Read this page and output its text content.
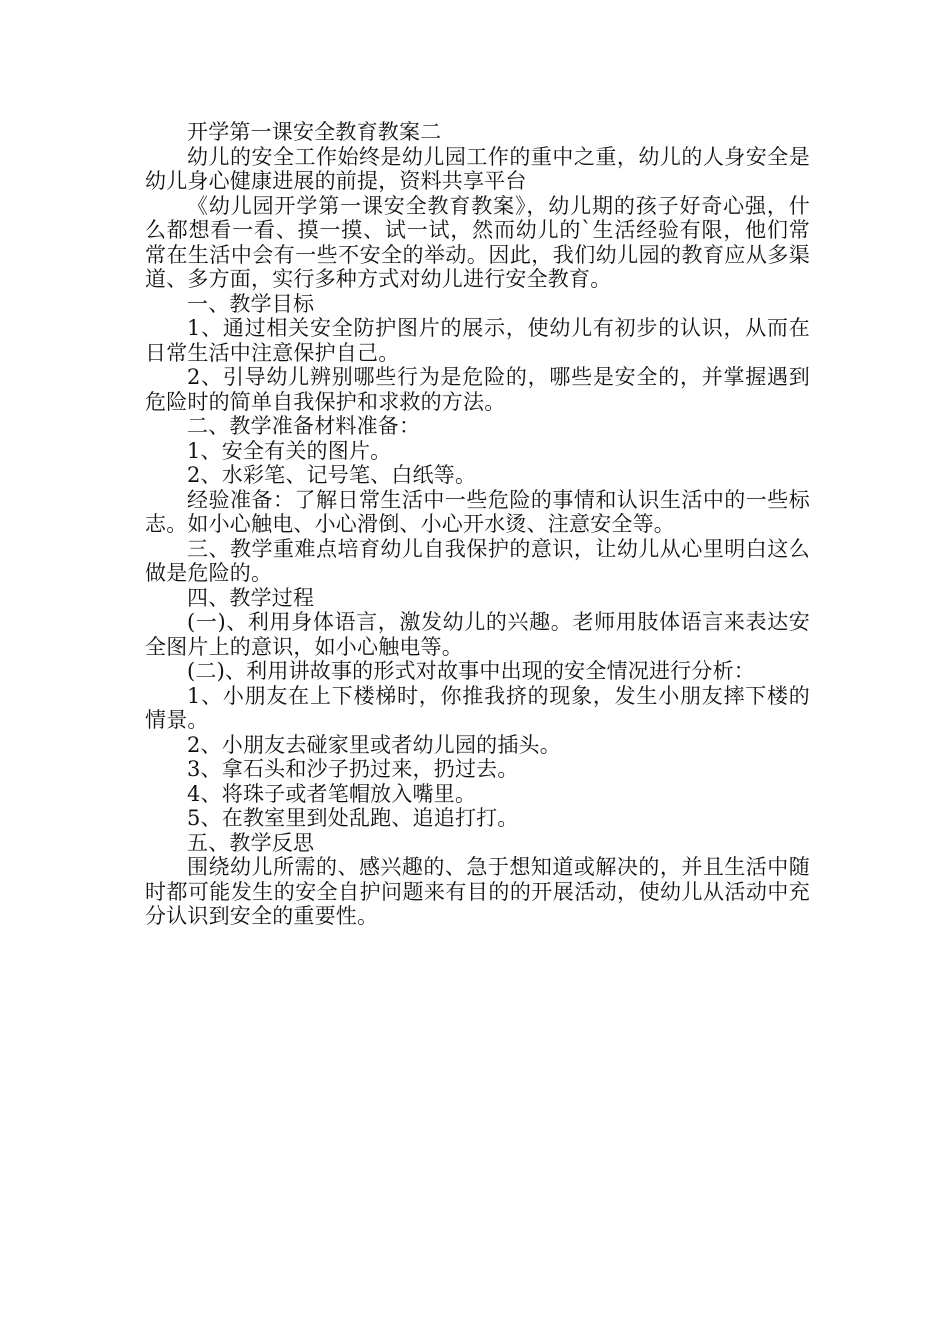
开学第一课安全教育教案二

幼儿的安全工作始终是幼儿园工作的重中之重，幼儿的人身安全是幼儿身心健康进展的前提，资料共享平台

《幼儿园开学第一课安全教育教案》，幼儿期的孩子好奇心强，什么都想看一看、摸一摸、试一试，然而幼儿的`生活经验有限，他们常常在生活中会有一些不安全的举动。因此，我们幼儿园的教育应从多渠道、多方面，实行多种方式对幼儿进行安全教育。

一、教学目标

1、通过相关安全防护图片的展示，使幼儿有初步的认识，从而在日常生活中注意保护自己。

2、引导幼儿辨别哪些行为是危险的，哪些是安全的，并掌握遇到危险时的简单自我保护和求救的方法。

二、教学准备材料准备：

1、安全有关的图片。

2、水彩笔、记号笔、白纸等。

经验准备：了解日常生活中一些危险的事情和认识生活中的一些标志。如小心触电、小心滑倒、小心开水烫、注意安全等。

三、教学重难点培育幼儿自我保护的意识，让幼儿从心里明白这么做是危险的。

四、教学过程

(一)、利用身体语言，激发幼儿的兴趣。老师用肢体语言来表达安全图片上的意识，如小心触电等。

(二)、利用讲故事的形式对故事中出现的安全情况进行分析：

1、小朋友在上下楼梯时，你推我挤的现象，发生小朋友摔下楼的情景。

2、小朋友去碰家里或者幼儿园的插头。

3、拿石头和沙子扔过来，扔过去。

4、将珠子或者笔帽放入嘴里。

5、在教室里到处乱跑、追追打打。

五、教学反思

围绕幼儿所需的、感兴趣的、急于想知道或解决的，并且生活中随时都可能发生的安全自护问题来有目的的开展活动，使幼儿从活动中充分认识到安全的重要性。
